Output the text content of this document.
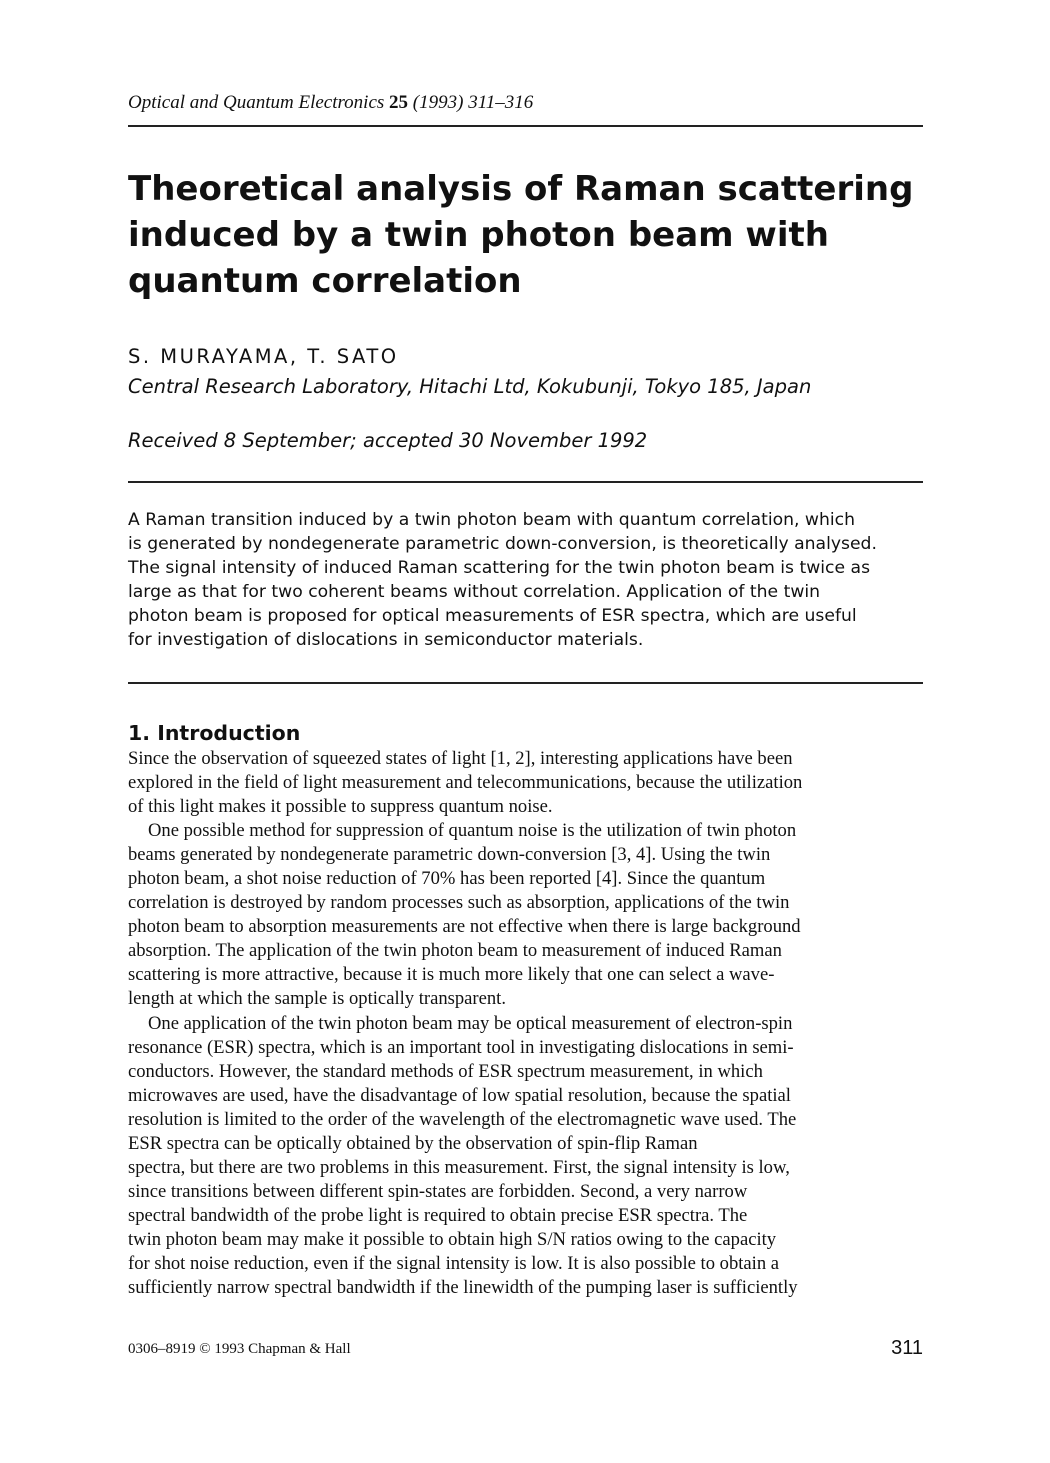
Optical and Quantum Electronics 25 (1993) 311–316
Theoretical analysis of Raman scattering
induced by a twin photon beam with
quantum correlation
S. MURAYAMA, T. SATO
Central Research Laboratory, Hitachi Ltd, Kokubunji, Tokyo 185, Japan
Received 8 September; accepted 30 November 1992
A Raman transition induced by a twin photon beam with quantum correlation, which
is generated by nondegenerate parametric down-conversion, is theoretically analysed.
The signal intensity of induced Raman scattering for the twin photon beam is twice as
large as that for two coherent beams without correlation. Application of the twin
photon beam is proposed for optical measurements of ESR spectra, which are useful
for investigation of dislocations in semiconductor materials.
1. Introduction
Since the observation of squeezed states of light [1, 2], interesting applications have been
explored in the field of light measurement and telecommunications, because the utilization
of this light makes it possible to suppress quantum noise.
One possible method for suppression of quantum noise is the utilization of twin photon
beams generated by nondegenerate parametric down-conversion [3, 4]. Using the twin
photon beam, a shot noise reduction of 70% has been reported [4]. Since the quantum
correlation is destroyed by random processes such as absorption, applications of the twin
photon beam to absorption measurements are not effective when there is large background
absorption. The application of the twin photon beam to measurement of induced Raman
scattering is more attractive, because it is much more likely that one can select a wave-
length at which the sample is optically transparent.
One application of the twin photon beam may be optical measurement of electron-spin
resonance (ESR) spectra, which is an important tool in investigating dislocations in semi-
conductors. However, the standard methods of ESR spectrum measurement, in which
microwaves are used, have the disadvantage of low spatial resolution, because the spatial
resolution is limited to the order of the wavelength of the electromagnetic wave used. The
ESR spectra can be optically obtained by the observation of spin-flip Raman
spectra, but there are two problems in this measurement. First, the signal intensity is low,
since transitions between different spin-states are forbidden. Second, a very narrow
spectral bandwidth of the probe light is required to obtain precise ESR spectra. The
twin photon beam may make it possible to obtain high S/N ratios owing to the capacity
for shot noise reduction, even if the signal intensity is low. It is also possible to obtain a
sufficiently narrow spectral bandwidth if the linewidth of the pumping laser is sufficiently
0306–8919 © 1993 Chapman & Hall	311
